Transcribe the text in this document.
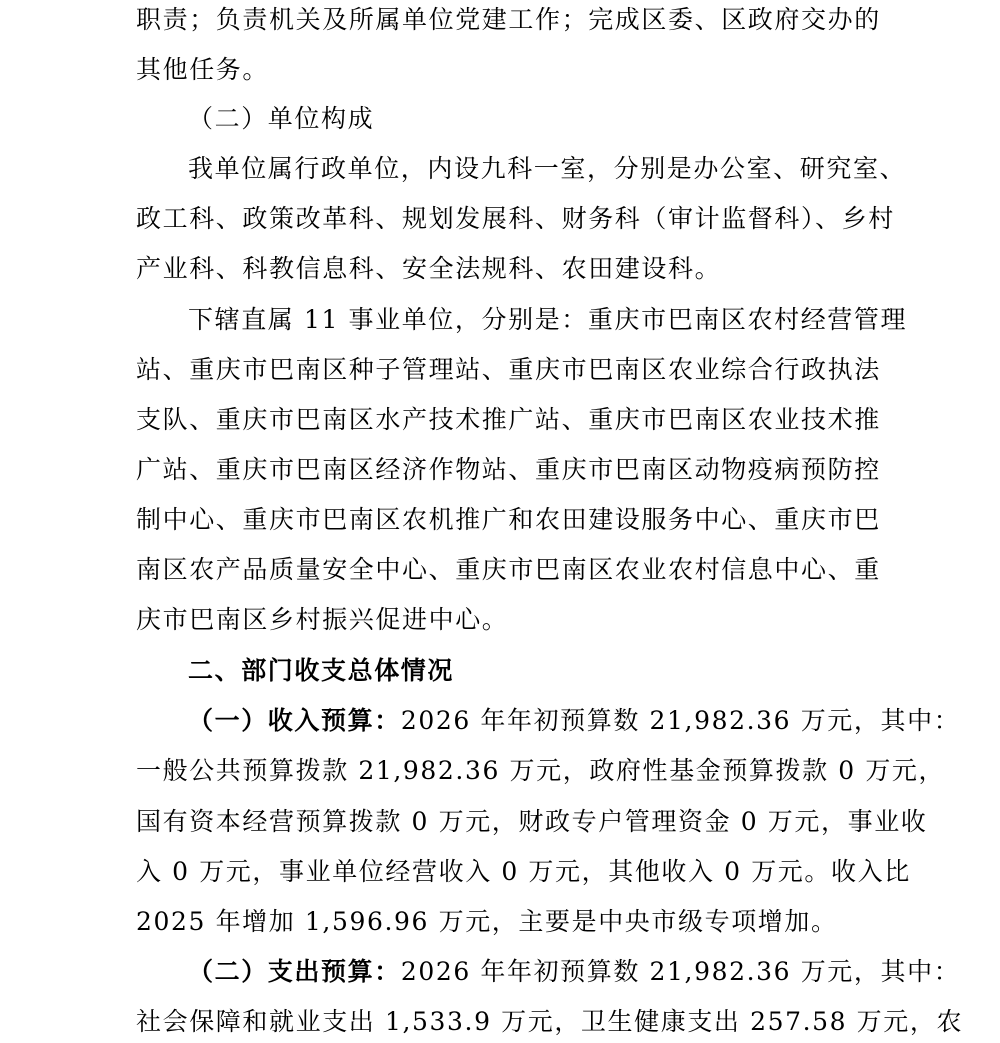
职责；负责机关及所属单位党建工作；完成区委、区政府交办的
其他任务。
（二）单位构成
我单位属行政单位，内设九科一室，分别是办公室、研究室、
政工科、政策改革科、规划发展科、财务科（审计监督科）、乡村
产业科、科教信息科、安全法规科、农田建设科。
下辖直属 11 事业单位，分别是：重庆市巴南区农村经营管理
站、重庆市巴南区种子管理站、重庆市巴南区农业综合行政执法
支队、重庆市巴南区水产技术推广站、重庆市巴南区农业技术推
广站、重庆市巴南区经济作物站、重庆市巴南区动物疫病预防控
制中心、重庆市巴南区农机推广和农田建设服务中心、重庆市巴
南区农产品质量安全中心、重庆市巴南区农业农村信息中心、重
庆市巴南区乡村振兴促进中心。
二、部门收支总体情况
（一）收入预算：2026 年年初预算数 21,982.36 万元，其中：
一般公共预算拨款 21,982.36 万元，政府性基金预算拨款 0 万元，
国有资本经营预算拨款 0 万元，财政专户管理资金 0 万元，事业收
入 0 万元，事业单位经营收入 0 万元，其他收入 0 万元。收入比
2025 年增加 1,596.96 万元，主要是中央市级专项增加。
（二）支出预算：2026 年年初预算数 21,982.36 万元，其中：
社会保障和就业支出 1,533.9 万元，卫生健康支出 257.58 万元，农
